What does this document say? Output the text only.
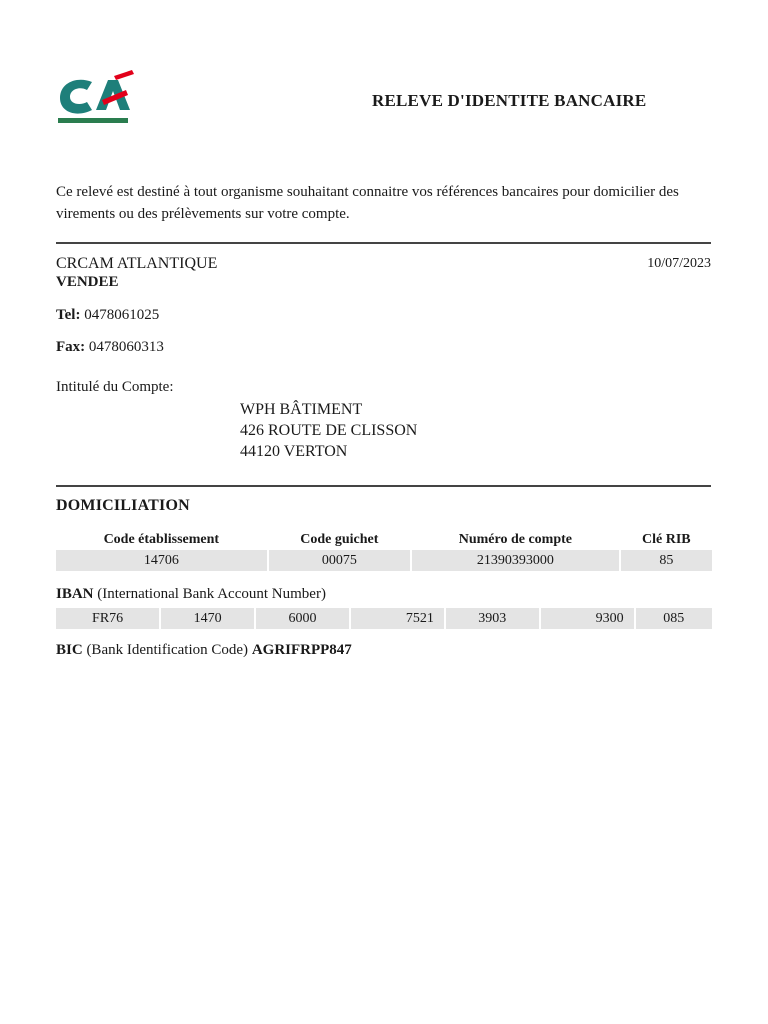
RELEVE D'IDENTITE BANCAIRE
Ce relevé est destiné à tout organisme souhaitant connaitre vos références bancaires pour domicilier des virements ou des prélèvements sur votre compte.
CRCAM ATLANTIQUE
VENDEE
10/07/2023
Tel: 0478061025
Fax: 0478060313
Intitulé du Compte:
WPH BÂTIMENT
426 ROUTE DE CLISSON
44120 VERTON
DOMICILIATION
Code établissement	Code guichet	Numéro de compte	Clé RIB
14706	00075	21390393000	85
IBAN (International Bank Account Number)
FR76	1470	6000	7521	3903	9300	085
BIC (Bank Identification Code) AGRIFRPP847
